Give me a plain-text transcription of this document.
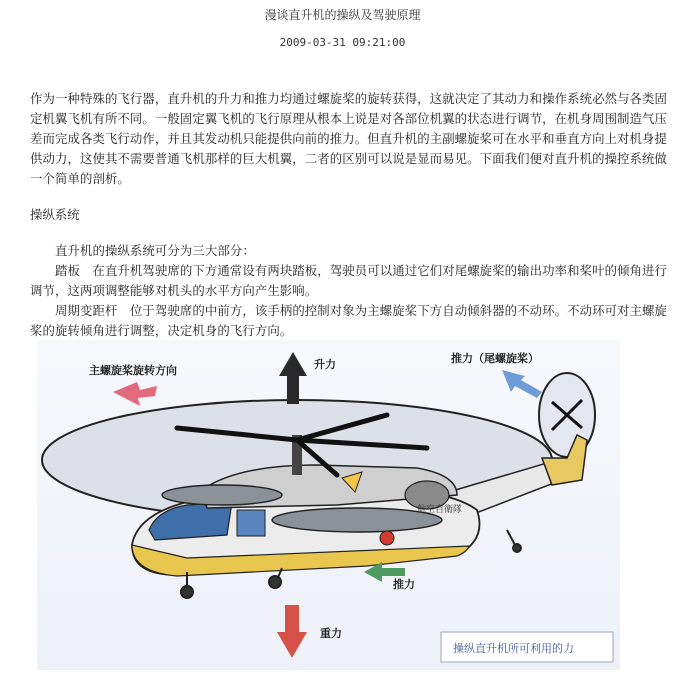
漫谈直升机的操纵及驾驶原理
2009-03-31 09:21:00

作为一种特殊的飞行器，直升机的升力和推力均通过螺旋桨的旋转获得，这就决定了其动力和操作系统必然与各类固定机翼飞机有所不同。一般固定翼飞机的飞行原理从根本上说是对各部位机翼的状态进行调节，在机身周围制造气压差而完成各类飞行动作，并且其发动机只能提供向前的推力。但直升机的主副螺旋桨可在水平和垂直方向上对机身提供动力，这使其不需要普通飞机那样的巨大机翼，二者的区别可以说是显而易见。下面我们便对直升机的操控系统做一个简单的剖析。

操纵系统

直升机的操纵系统可分为三大部分：

踏板　在直升机驾驶席的下方通常设有两块踏板，驾驶员可以通过它们对尾螺旋桨的输出功率和桨叶的倾角进行调节，这两项调整能够对机头的水平方向产生影响。

周期变距杆　位于驾驶席的中前方，该手柄的控制对象为主螺旋桨下方自动倾斜器的不动环。不动环可对主螺旋桨的旋转倾角进行调整，决定机身的飞行方向。

航空自衛隊
升力
主螺旋桨旋转方向
推力（尾螺旋桨）
推力
重力
操纵直升机所可利用的力
